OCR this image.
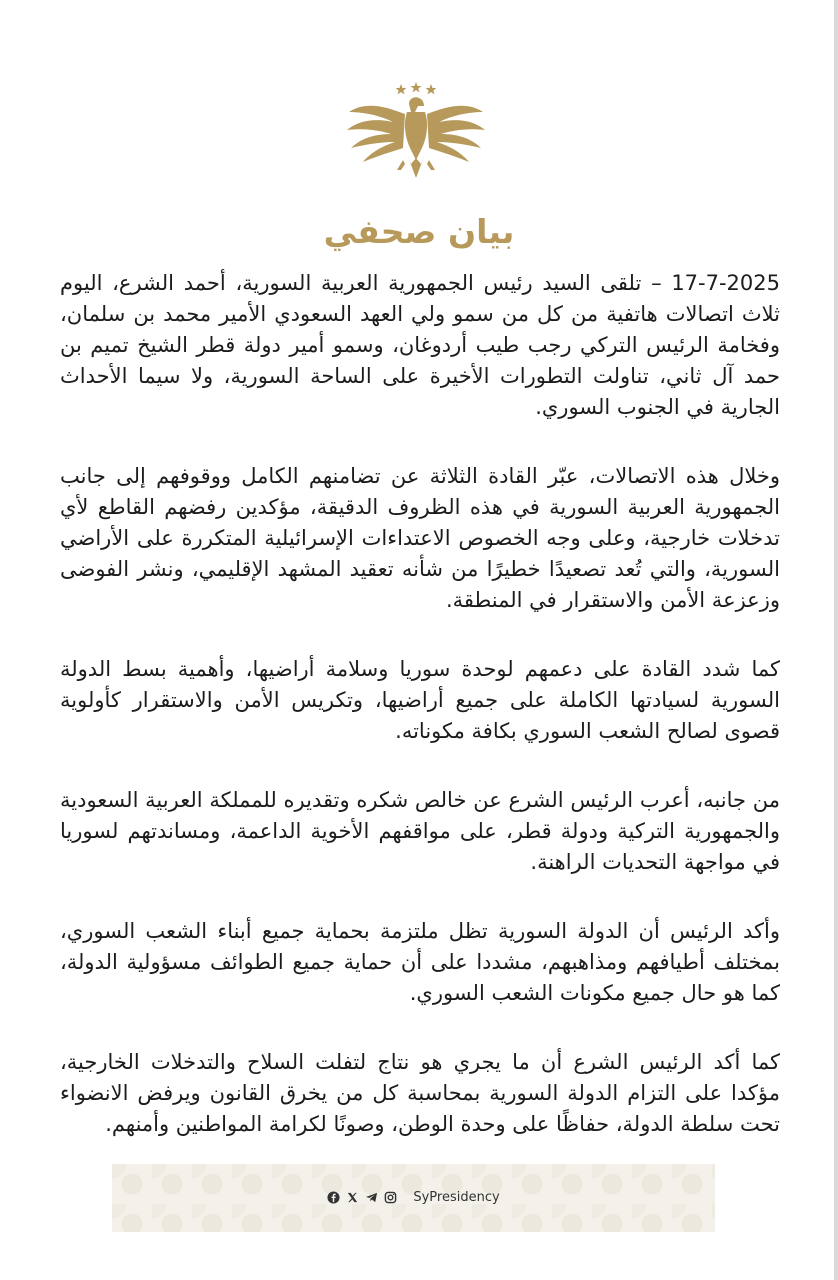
بيان صحفي

17-7-2025 – تلقى السيد رئيس الجمهورية العربية السورية، أحمد الشرع، اليوم ثلاث اتصالات هاتفية من كل من سمو ولي العهد السعودي الأمير محمد بن سلمان، وفخامة الرئيس التركي رجب طيب أردوغان، وسمو أمير دولة قطر الشيخ تميم بن حمد آل ثاني، تناولت التطورات الأخيرة على الساحة السورية، ولا سيما الأحداث الجارية في الجنوب السوري.

وخلال هذه الاتصالات، عبّر القادة الثلاثة عن تضامنهم الكامل ووقوفهم إلى جانب الجمهورية العربية السورية في هذه الظروف الدقيقة، مؤكدين رفضهم القاطع لأي تدخلات خارجية، وعلى وجه الخصوص الاعتداءات الإسرائيلية المتكررة على الأراضي السورية، والتي تُعد تصعيدًا خطيرًا من شأنه تعقيد المشهد الإقليمي، ونشر الفوضى وزعزعة الأمن والاستقرار في المنطقة.

كما شدد القادة على دعمهم لوحدة سوريا وسلامة أراضيها، وأهمية بسط الدولة السورية لسيادتها الكاملة على جميع أراضيها، وتكريس الأمن والاستقرار كأولوية قصوى لصالح الشعب السوري بكافة مكوناته.

من جانبه، أعرب الرئيس الشرع عن خالص شكره وتقديره للمملكة العربية السعودية والجمهورية التركية ودولة قطر، على مواقفهم الأخوية الداعمة، ومساندتهم لسوريا في مواجهة التحديات الراهنة.

وأكد الرئيس أن الدولة السورية تظل ملتزمة بحماية جميع أبناء الشعب السوري، بمختلف أطيافهم ومذاهبهم، مشددا على أن حماية جميع الطوائف مسؤولية الدولة، كما هو حال جميع مكونات الشعب السوري.

كما أكد الرئيس الشرع أن ما يجري هو نتاج لتفلت السلاح والتدخلات الخارجية، مؤكدا على التزام الدولة السورية بمحاسبة كل من يخرق القانون ويرفض الانضواء تحت سلطة الدولة، حفاظًا على وحدة الوطن، وصونًا لكرامة المواطنين وأمنهم.

SyPresidency
